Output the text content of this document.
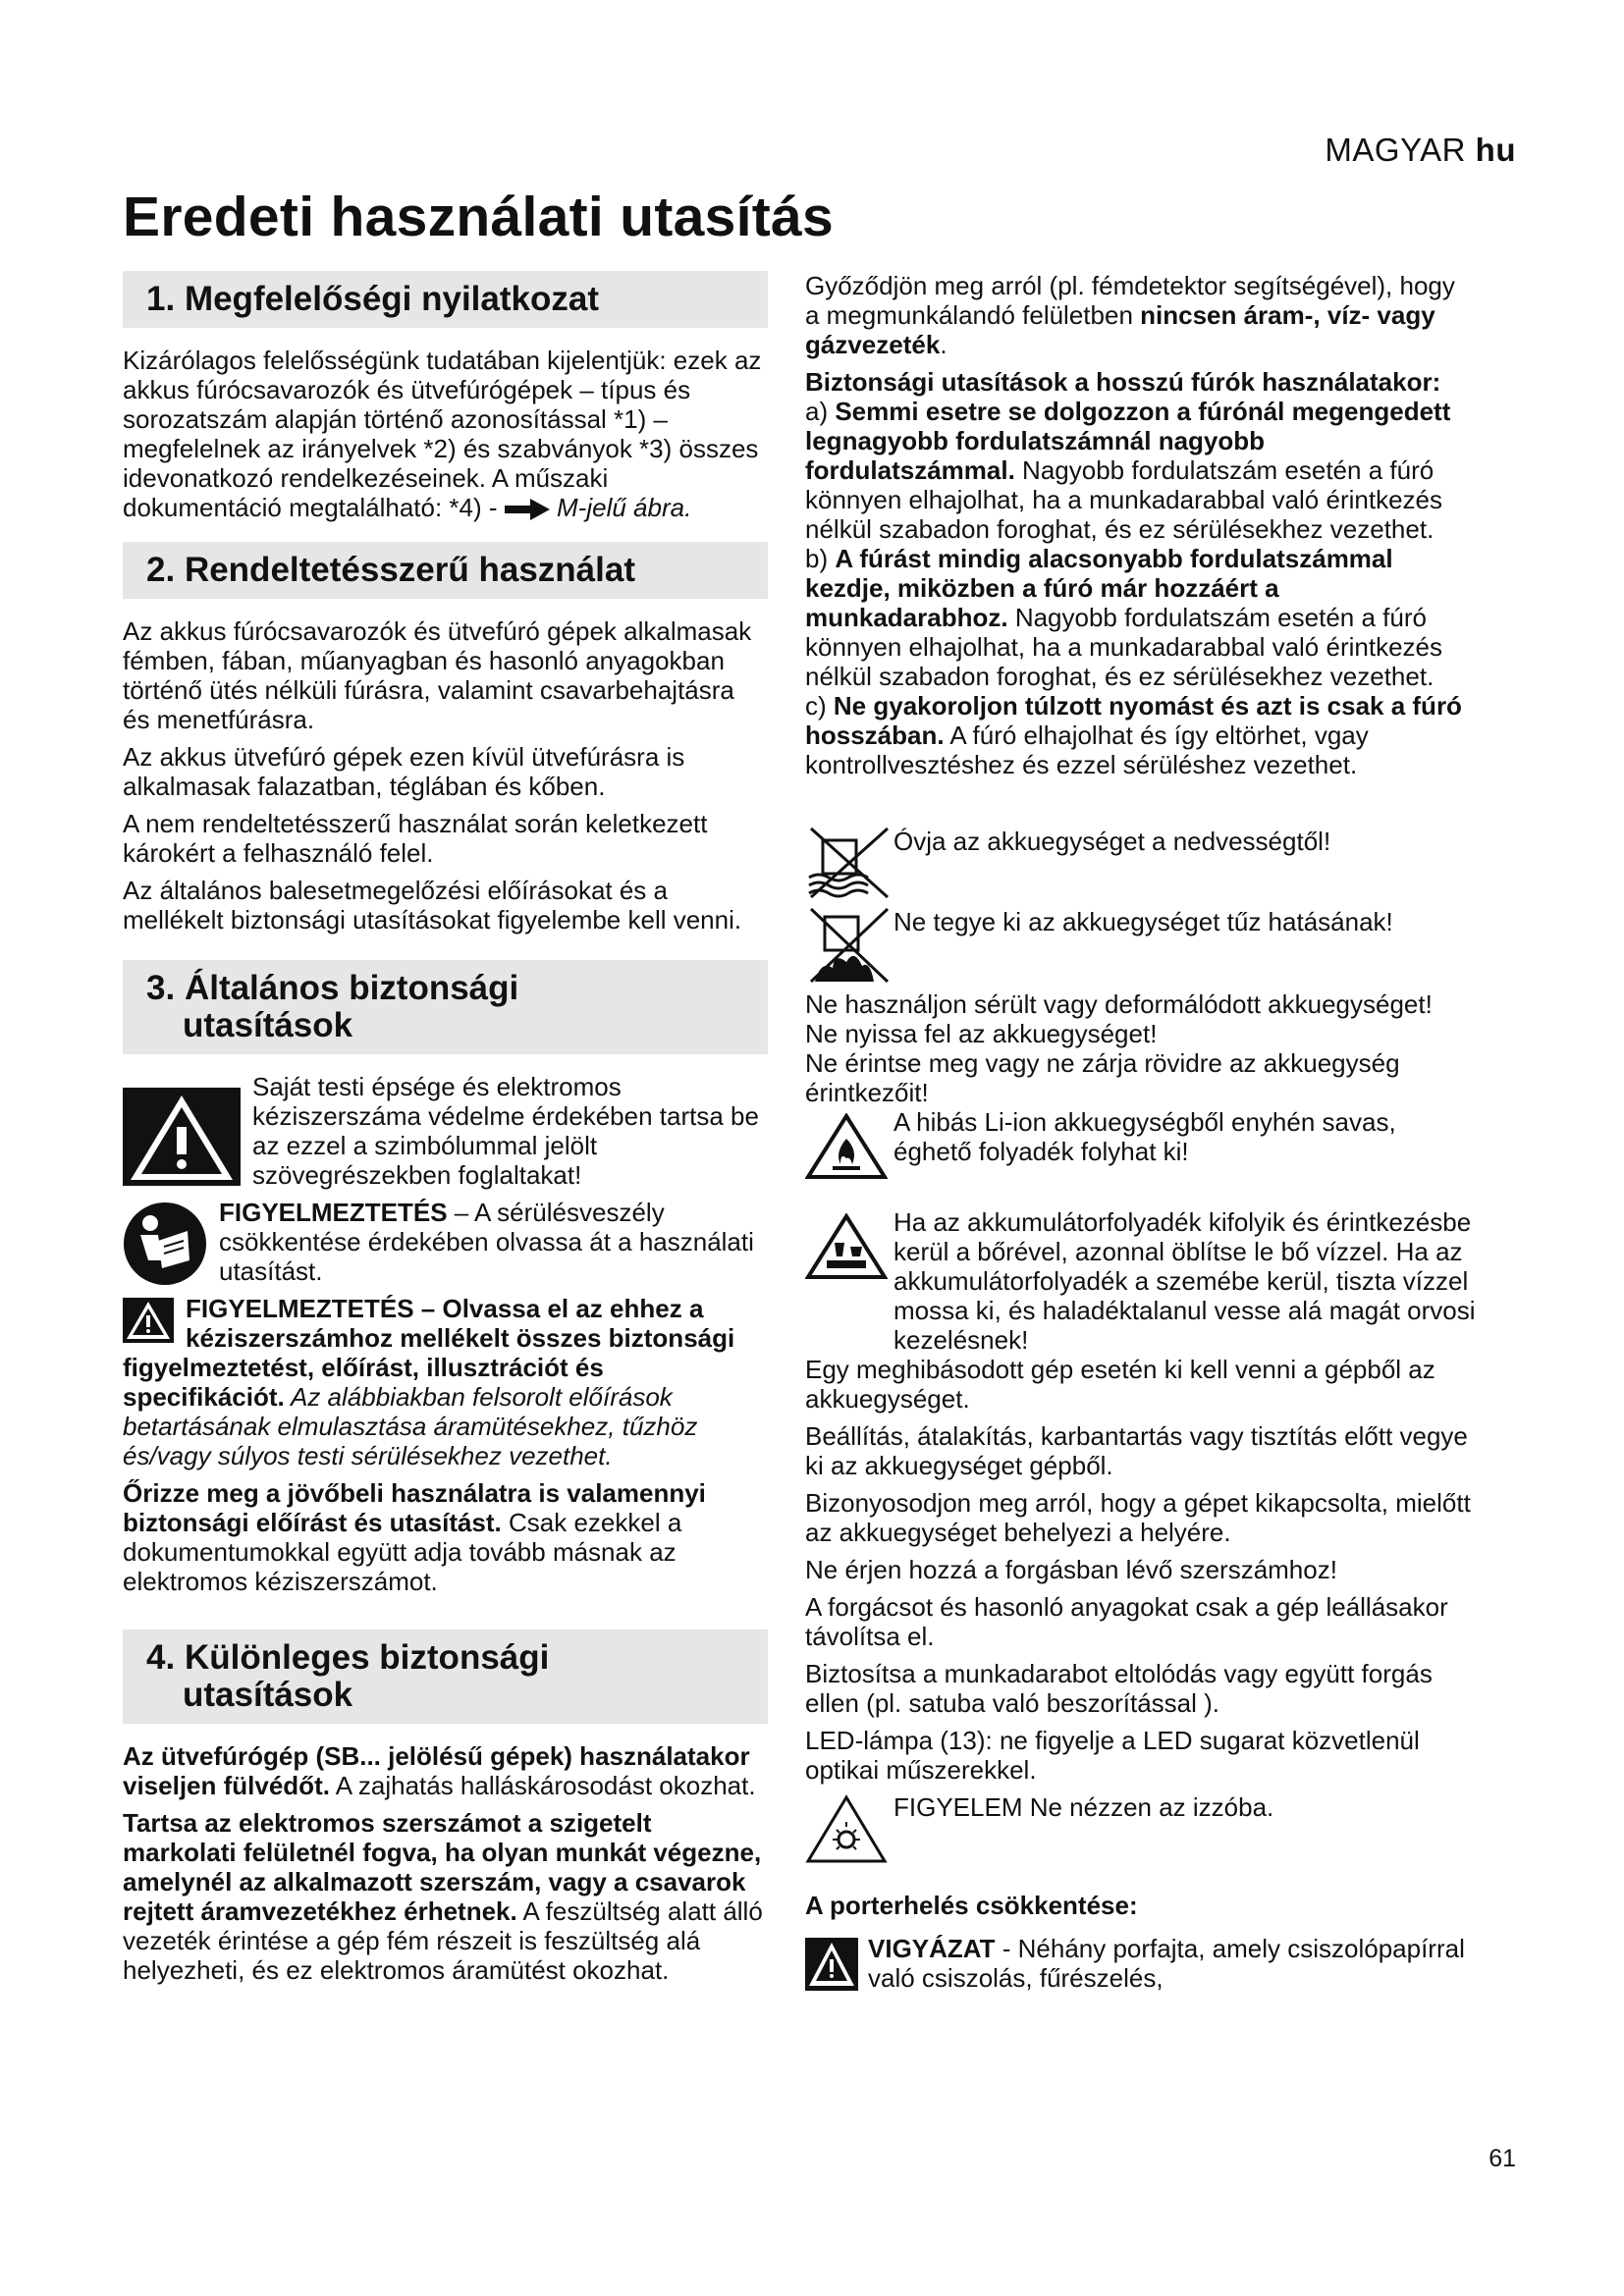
MAGYAR hu
Eredeti használati utasítás
1. Megfelelőségi nyilatkozat

Kizárólagos felelősségünk tudatában kijelentjük: ezek az akkus fúrócsavarozók és ütvefúrógépek – típus és sorozatszám alapján történő azonosítással *1) – megfelelnek az irányelvek *2) és szabványok *3) összes idevonatkozó rendelkezéseinek. A műszaki dokumentáció megtalálható: *4) -
M-jelű ábra.

2. Rendeltetésszerű használat

Az akkus fúrócsavarozók és ütvefúró gépek alkalmasak fémben, fában, műanyagban és hasonló anyagokban történő ütés nélküli fúrásra, valamint csavarbehajtásra és menetfúrásra.

Az akkus ütvefúró gépek ezen kívül ütvefúrásra is alkalmasak falazatban, téglában és kőben.

A nem rendeltetésszerű használat során keletkezett károkért a felhasználó felel.

Az általános balesetmegelőzési előírásokat és a mellékelt biztonsági utasításokat figyelembe kell venni.

3. Általános biztonsági
utasítások
Saját testi épsége és elektromos kéziszerszáma védelme érdekében tartsa be az ezzel a szimbólummal jelölt szövegrészekben foglaltakat!
FIGYELMEZTETÉS – A sérülésveszély csökkentése érdekében olvassa át a használati utasítást.

FIGYELMEZTETÉS – Olvassa el az ehhez a kéziszerszámhoz mellékelt összes biztonsági figyelmeztetést, előírást, illusztrációt és specifikációt. Az alábbiakban felsorolt előírások betartásának elmulasztása áramütésekhez, tűzhöz és/vagy súlyos testi sérülésekhez vezethet.

Őrizze meg a jövőbeli használatra is valamennyi biztonsági előírást és utasítást. Csak ezekkel a dokumentumokkal együtt adja tovább másnak az elektromos kéziszerszámot.

4. Különleges biztonsági
utasítások

Az ütvefúrógép (SB... jelölésű gépek) használatakor viseljen fülvédőt. A zajhatás halláskárosodást okozhat.

Tartsa az elektromos szerszámot a szigetelt markolati felületnél fogva, ha olyan munkát végezne, amelynél az alkalmazott szerszám, vagy a csavarok rejtett áramvezetékhez érhetnek. A feszültség alatt álló vezeték érintése a gép fém részeit is feszültség alá helyezheti, és ez elektromos áramütést okozhat.

Győződjön meg arról (pl. fémdetektor segítségével), hogy a megmunkálandó felületben nincsen áram-, víz- vagy gázvezeték.

Biztonsági utasítások a hosszú fúrók használatakor:

a) Semmi esetre se dolgozzon a fúrónál megengedett legnagyobb fordulatszámnál nagyobb fordulatszámmal. Nagyobb fordulatszám esetén a fúró könnyen elhajolhat, ha a munkadarabbal való érintkezés nélkül szabadon foroghat, és ez sérülésekhez vezethet.

b) A fúrást mindig alacsonyabb fordulatszámmal kezdje, miközben a fúró már hozzáért a munkadarabhoz. Nagyobb fordulatszám esetén a fúró könnyen elhajolhat, ha a munkadarabbal való érintkezés nélkül szabadon foroghat, és ez sérülésekhez vezethet.

c) Ne gyakoroljon túlzott nyomást és azt is csak a fúró hosszában. A fúró elhajolhat és így eltörhet, vgay kontrollvesztéshez és ezzel sérüléshez vezethet.

Óvja az akkuegységet a nedvességtől!
Ne tegye ki az akkuegységet tűz hatásának!

Ne használjon sérült vagy deformálódott akkuegységet!

Ne nyissa fel az akkuegységet!

Ne érintse meg vagy ne zárja rövidre az akkuegység érintkezőit!

A hibás Li-ion akkuegységből enyhén savas, éghető folyadék folyhat ki!
Ha az akkumulátorfolyadék kifolyik és érintkezésbe kerül a bőrével, azonnal öblítse le bő vízzel. Ha az akkumulátorfolyadék a szemébe kerül, tiszta vízzel mossa ki, és haladéktalanul vesse alá magát orvosi kezelésnek!

Egy meghibásodott gép esetén ki kell venni a gépből az akkuegységet.

Beállítás, átalakítás, karbantartás vagy tisztítás előtt vegye ki az akkuegységet gépből.

Bizonyosodjon meg arról, hogy a gépet kikapcsolta, mielőtt az akkuegységet behelyezi a helyére.

Ne érjen hozzá a forgásban lévő szerszámhoz!

A forgácsot és hasonló anyagokat csak a gép leállásakor távolítsa el.

Biztosítsa a munkadarabot eltolódás vagy együtt forgás ellen (pl. satuba való beszorítással ).

LED-lámpa (13): ne figyelje a LED sugarat közvetlenül optikai műszerekkel.

FIGYELEM Ne nézzen az izzóba.

A porterhelés csökkentése:

VIGYÁZAT - Néhány porfajta, amely csiszolópapírral való csiszolás, fűrészelés,
61
